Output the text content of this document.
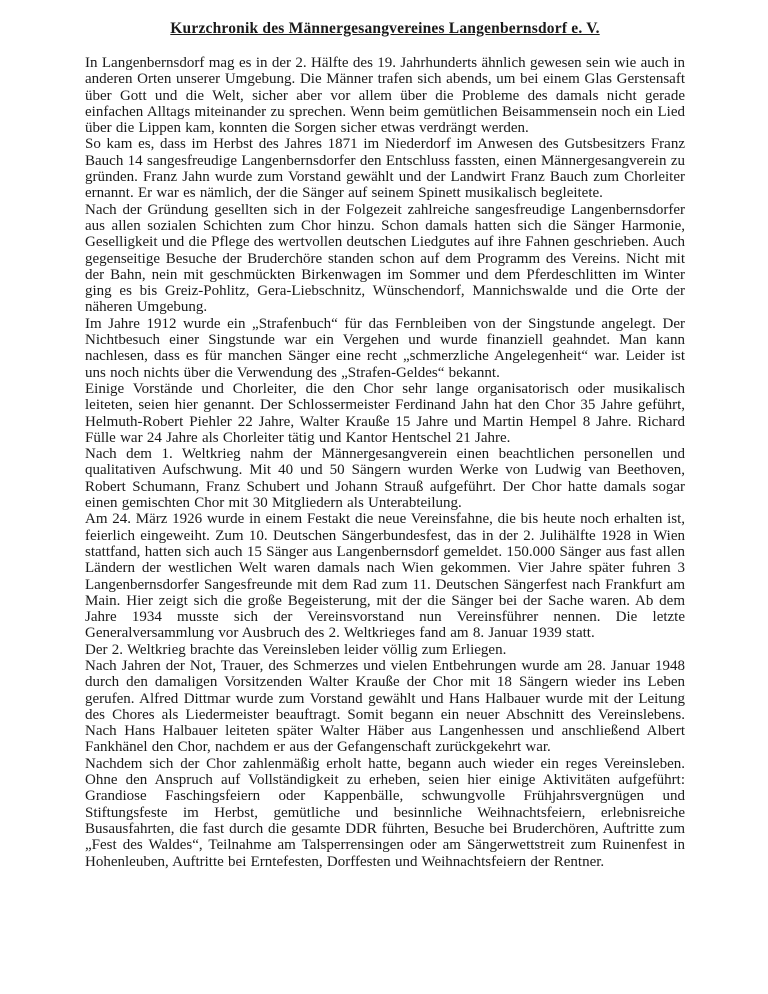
Kurzchronik des Männergesangvereines Langenbernsdorf e. V.

In Langenbernsdorf mag es in der 2. Hälfte des 19. Jahrhunderts ähnlich gewesen sein wie auch in anderen Orten unserer Umgebung. Die Männer trafen sich abends, um bei einem Glas Gerstensaft über Gott und die Welt, sicher aber vor allem über die Probleme des damals nicht gerade einfachen Alltags miteinander zu sprechen. Wenn beim gemütlichen Beisammensein noch ein Lied über die Lippen kam, konnten die Sorgen sicher etwas verdrängt werden.

So kam es, dass im Herbst des Jahres 1871 im Niederdorf im Anwesen des Gutsbesitzers Franz Bauch 14 sangesfreudige Langenbernsdorfer den Entschluss fassten, einen Männergesangverein zu gründen. Franz Jahn wurde zum Vorstand gewählt und der Landwirt Franz Bauch zum Chorleiter ernannt. Er war es nämlich, der die Sänger auf seinem Spinett musikalisch begleitete.

Nach der Gründung gesellten sich in der Folgezeit zahlreiche sangesfreudige Langenbernsdorfer aus allen sozialen Schichten zum Chor hinzu. Schon damals hatten sich die Sänger Harmonie, Geselligkeit und die Pflege des wertvollen deutschen Liedgutes auf ihre Fahnen geschrieben. Auch gegenseitige Besuche der Bruderchöre standen schon auf dem Programm des Vereins. Nicht mit der Bahn, nein mit geschmückten Birkenwagen im Sommer und dem Pferdeschlitten im Winter ging es bis Greiz-Pohlitz, Gera-Liebschnitz, Wünschendorf, Mannichswalde und die Orte der näheren Umgebung.

Im Jahre 1912 wurde ein „Strafenbuch“ für das Fernbleiben von der Singstunde angelegt. Der Nichtbesuch einer Singstunde war ein Vergehen und wurde finanziell geahndet. Man kann nachlesen, dass es für manchen Sänger eine recht „schmerzliche Angelegenheit“ war. Leider ist uns noch nichts über die Verwendung des „Strafen-Geldes“ bekannt.

Einige Vorstände und Chorleiter, die den Chor sehr lange organisatorisch oder musikalisch leiteten, seien hier genannt. Der Schlossermeister Ferdinand Jahn hat den Chor 35 Jahre geführt, Helmuth-Robert Piehler 22 Jahre, Walter Krauße 15 Jahre und Martin Hempel 8 Jahre. Richard Fülle war 24 Jahre als Chorleiter tätig und Kantor Hentschel 21 Jahre.

Nach dem 1. Weltkrieg nahm der Männergesangverein einen beachtlichen personellen und qualitativen Aufschwung. Mit 40 und 50 Sängern wurden Werke von Ludwig van Beethoven, Robert Schumann, Franz Schubert und Johann Strauß aufgeführt. Der Chor hatte damals sogar einen gemischten Chor mit 30 Mitgliedern als Unterabteilung.

Am 24. März 1926 wurde in einem Festakt die neue Vereinsfahne, die bis heute noch erhalten ist, feierlich eingeweiht. Zum 10. Deutschen Sängerbundesfest, das in der 2. Julihälfte 1928 in Wien stattfand, hatten sich auch 15 Sänger aus Langenbernsdorf gemeldet. 150.000 Sänger aus fast allen Ländern der westlichen Welt waren damals nach Wien gekommen. Vier Jahre später fuhren 3 Langenbernsdorfer Sangesfreunde mit dem Rad zum 11. Deutschen Sängerfest nach Frankfurt am Main. Hier zeigt sich die große Begeisterung, mit der die Sänger bei der Sache waren. Ab dem Jahre 1934 musste sich der Vereinsvorstand nun Vereinsführer nennen. Die letzte Generalversammlung vor Ausbruch des 2. Weltkrieges fand am 8. Januar 1939 statt.

Der 2. Weltkrieg brachte das Vereinsleben leider völlig zum Erliegen.

Nach Jahren der Not, Trauer, des Schmerzes und vielen Entbehrungen wurde am 28. Januar 1948 durch den damaligen Vorsitzenden Walter Krauße der Chor mit 18 Sängern wieder ins Leben gerufen. Alfred Dittmar wurde zum Vorstand gewählt und Hans Halbauer wurde mit der Leitung des Chores als Liedermeister beauftragt. Somit begann ein neuer Abschnitt des Vereinslebens. Nach Hans Halbauer leiteten später Walter Häber aus Langenhessen und anschließend Albert Fankhänel den Chor, nachdem er aus der Gefangenschaft zurückgekehrt war.

Nachdem sich der Chor zahlenmäßig erholt hatte, begann auch wieder ein reges Vereinsleben. Ohne den Anspruch auf Vollständigkeit zu erheben, seien hier einige Aktivitäten aufgeführt: Grandiose Faschingsfeiern oder Kappenbälle, schwungvolle Frühjahrsvergnügen und Stiftungsfeste im Herbst, gemütliche und besinnliche Weihnachtsfeiern, erlebnisreiche Busausfahrten, die fast durch die gesamte DDR führten, Besuche bei Bruderchören, Auftritte zum „Fest des Waldes“, Teilnahme am Talsperrensingen oder am Sängerwettstreit zum Ruinenfest in Hohenleuben, Auftritte bei Erntefesten, Dorffesten und Weihnachtsfeiern der Rentner.
